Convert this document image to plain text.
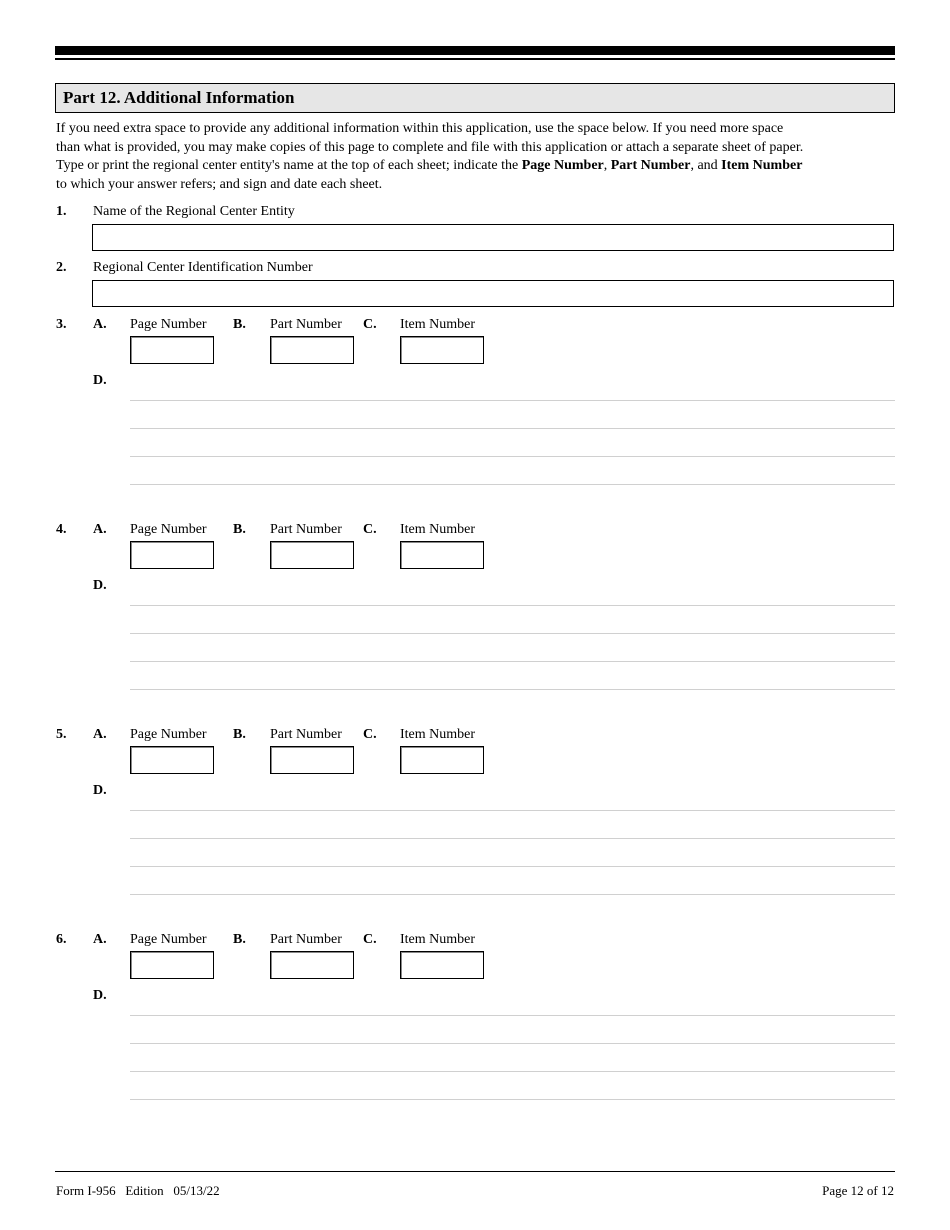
Part 12. Additional Information
If you need extra space to provide any additional information within this application, use the space below. If you need more space
than what is provided, you may make copies of this page to complete and file with this application or attach a separate sheet of paper.
Type or print the regional center entity's name at the top of each sheet; indicate the Page Number, Part Number, and Item Number
to which your answer refers; and sign and date each sheet.
1. Name of the Regional Center Entity
2. Regional Center Identification Number
3. A. Page Number B. Part Number C. Item Number
D.
4. A. Page Number B. Part Number C. Item Number
D.
5. A. Page Number B. Part Number C. Item Number
D.
6. A. Page Number B. Part Number C. Item Number
D.
Form I-956   Edition   05/13/22	Page 12 of 12
